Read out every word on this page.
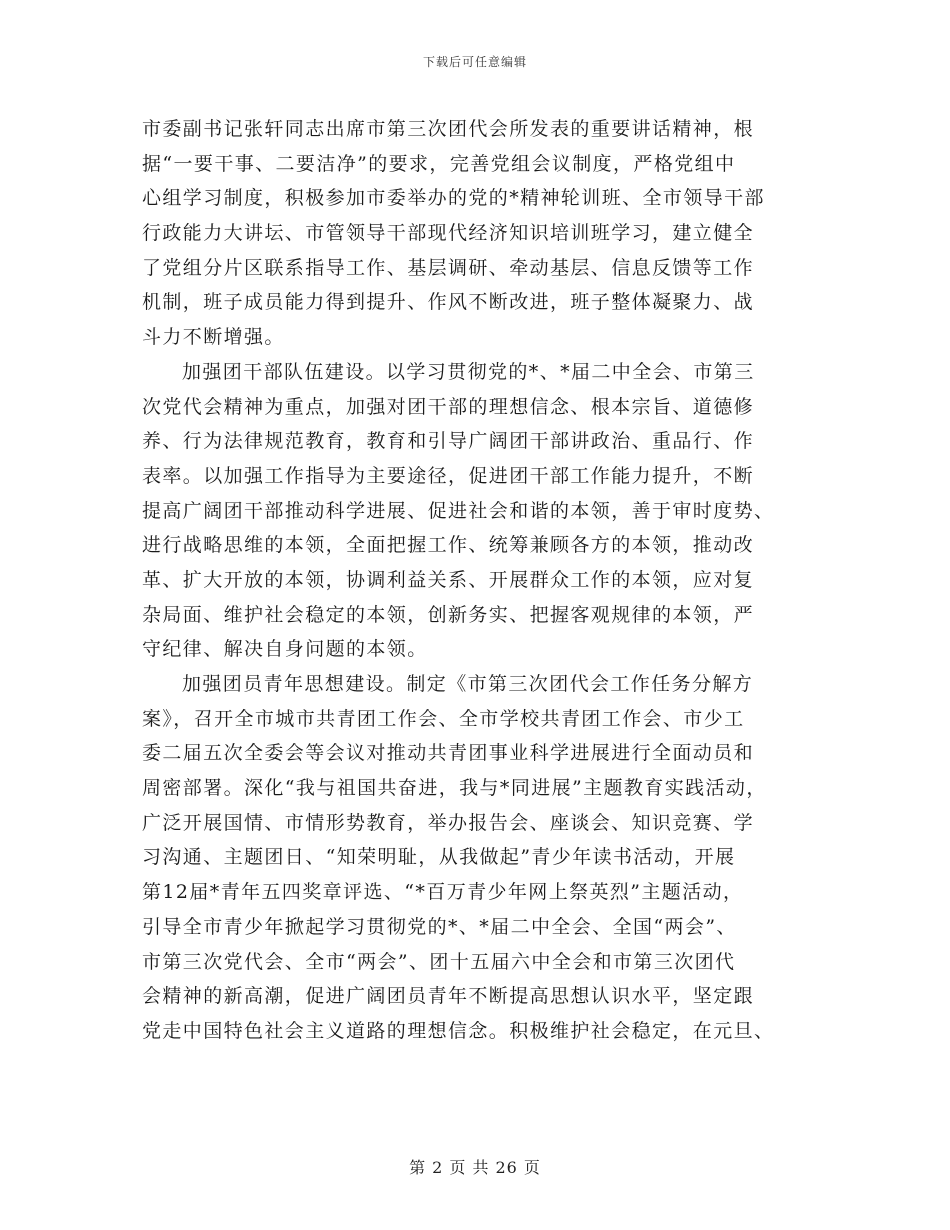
下载后可任意编辑
市委副书记张轩同志出席市第三次团代会所发表的重要讲话精神，根
据“一要干事、二要洁净”的要求，完善党组会议制度，严格党组中
心组学习制度，积极参加市委举办的党的*精神轮训班、全市领导干部
行政能力大讲坛、市管领导干部现代经济知识培训班学习，建立健全
了党组分片区联系指导工作、基层调研、牵动基层、信息反馈等工作
机制，班子成员能力得到提升、作风不断改进，班子整体凝聚力、战
斗力不断增强。
加强团干部队伍建设。以学习贯彻党的*、*届二中全会、市第三
次党代会精神为重点，加强对团干部的理想信念、根本宗旨、道德修
养、行为法律规范教育，教育和引导广阔团干部讲政治、重品行、作
表率。以加强工作指导为主要途径，促进团干部工作能力提升，不断
提高广阔团干部推动科学进展、促进社会和谐的本领，善于审时度势、
进行战略思维的本领，全面把握工作、统筹兼顾各方的本领，推动改
革、扩大开放的本领，协调利益关系、开展群众工作的本领，应对复
杂局面、维护社会稳定的本领，创新务实、把握客观规律的本领，严
守纪律、解决自身问题的本领。
加强团员青年思想建设。制定《市第三次团代会工作任务分解方
案》，召开全市城市共青团工作会、全市学校共青团工作会、市少工
委二届五次全委会等会议对推动共青团事业科学进展进行全面动员和
周密部署。深化“我与祖国共奋进，我与*同进展”主题教育实践活动，
广泛开展国情、市情形势教育，举办报告会、座谈会、知识竞赛、学
习沟通、主题团日、“知荣明耻，从我做起”青少年读书活动，开展
第12届*青年五四奖章评选、“*百万青少年网上祭英烈”主题活动，
引导全市青少年掀起学习贯彻党的*、*届二中全会、全国“两会”、
市第三次党代会、全市“两会”、团十五届六中全会和市第三次团代
会精神的新高潮，促进广阔团员青年不断提高思想认识水平，坚定跟
党走中国特色社会主义道路的理想信念。积极维护社会稳定，在元旦、
第 2 页 共 26 页
